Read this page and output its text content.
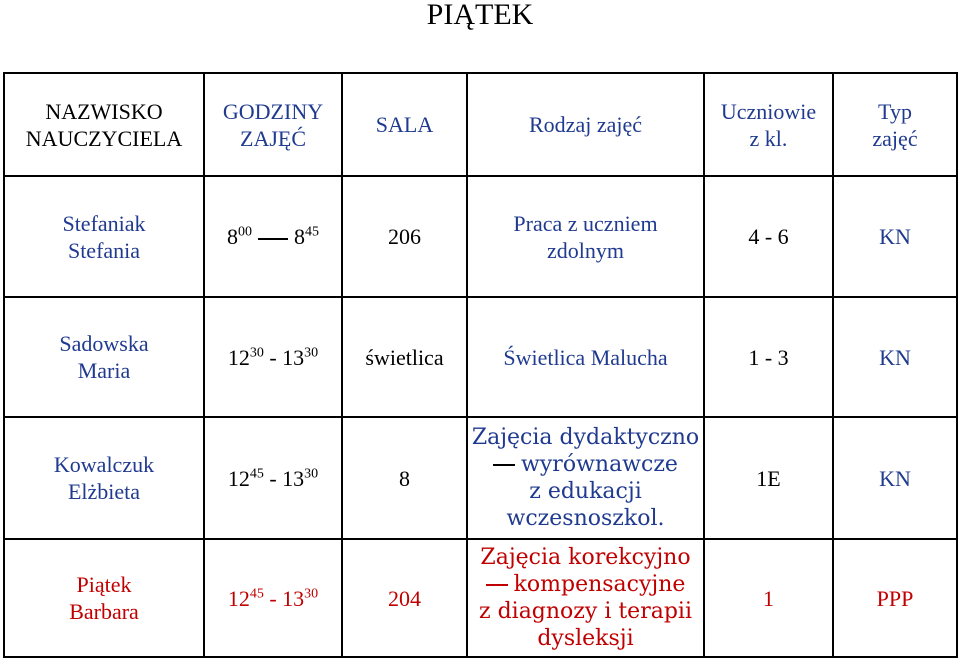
PIĄTEK
NAZWISKO
NAUCZYCIELA	GODZINY
ZAJĘĆ	SALA	Rodzaj zajęć	Uczniowie
z kl.	Typ
zajęć

Stefaniak
Stefania	$8^{00}$ $8^{45}$	206	Praca z uczniem
zdolnym	4 - 6	KN

Sadowska
Maria	$12^{30} - 13^{30}$	świetlica	Świetlica Malucha	1 - 3	KN

Kowalczuk
Elżbieta	$12^{45} - 13^{30}$	8	Zajęcia dydaktyczno
wyrównawcze
z edukacji
wczesnoszkol.	1E	KN

Piątek
Barbara	$12^{45} - 13^{30}$	204	Zajęcia korekcyjno
kompensacyjne
z diagnozy i terapii
dysleksji	1	PPP
